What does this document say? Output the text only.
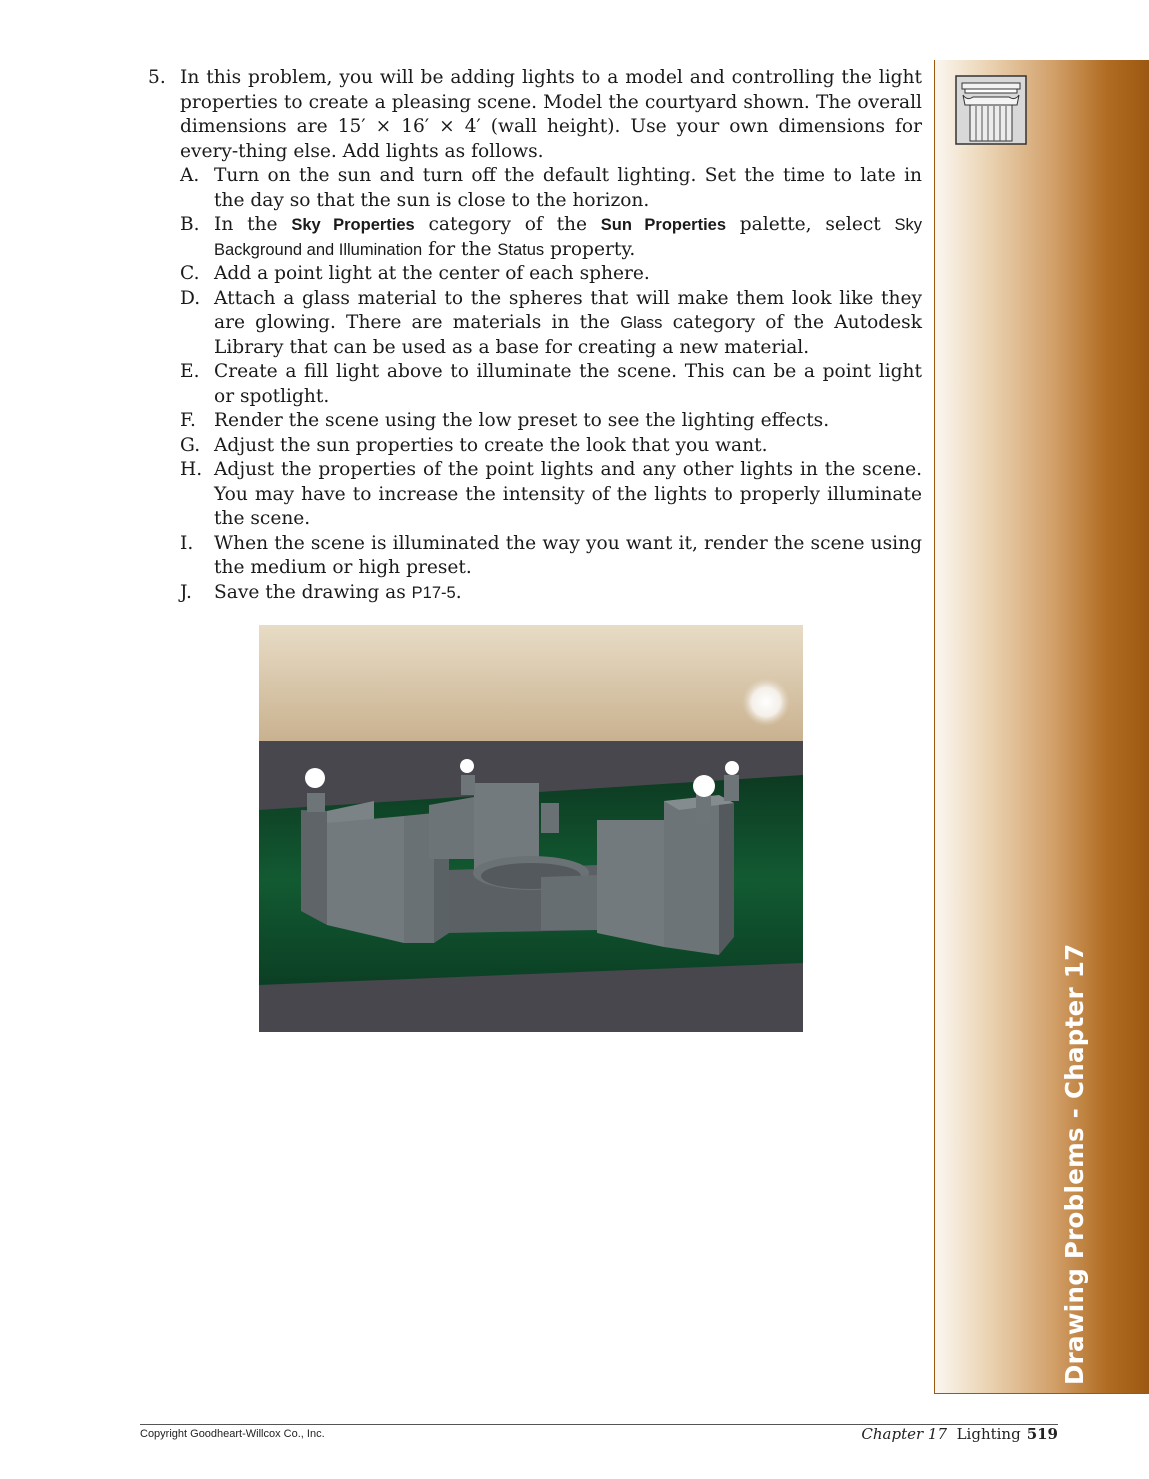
5. In this problem, you will be adding lights to a model and controlling the light properties to create a pleasing scene. Model the courtyard shown. The overall dimensions are 15′ × 16′ × 4′ (wall height). Use your own dimensions for every-thing else. Add lights as follows.
A. Turn on the sun and turn off the default lighting. Set the time to late in the day so that the sun is close to the horizon.
B. In the Sky Properties category of the Sun Properties palette, select Sky Background and Illumination for the Status property.
C. Add a point light at the center of each sphere.
D. Attach a glass material to the spheres that will make them look like they are glowing. There are materials in the Glass category of the Autodesk Library that can be used as a base for creating a new material.
E. Create a fill light above to illuminate the scene. This can be a point light or spotlight.
F. Render the scene using the low preset to see the lighting effects.
G. Adjust the sun properties to create the look that you want.
H. Adjust the properties of the point lights and any other lights in the scene. You may have to increase the intensity of the lights to properly illuminate the scene.
I.	When the scene is illuminated the way you want it, render the scene using the medium or high preset.
J.	Save the drawing as P17-5.
Drawing Problems - Chapter 17
Copyright Goodheart-Willcox Co., Inc.	Chapter 17 Lighting 519
